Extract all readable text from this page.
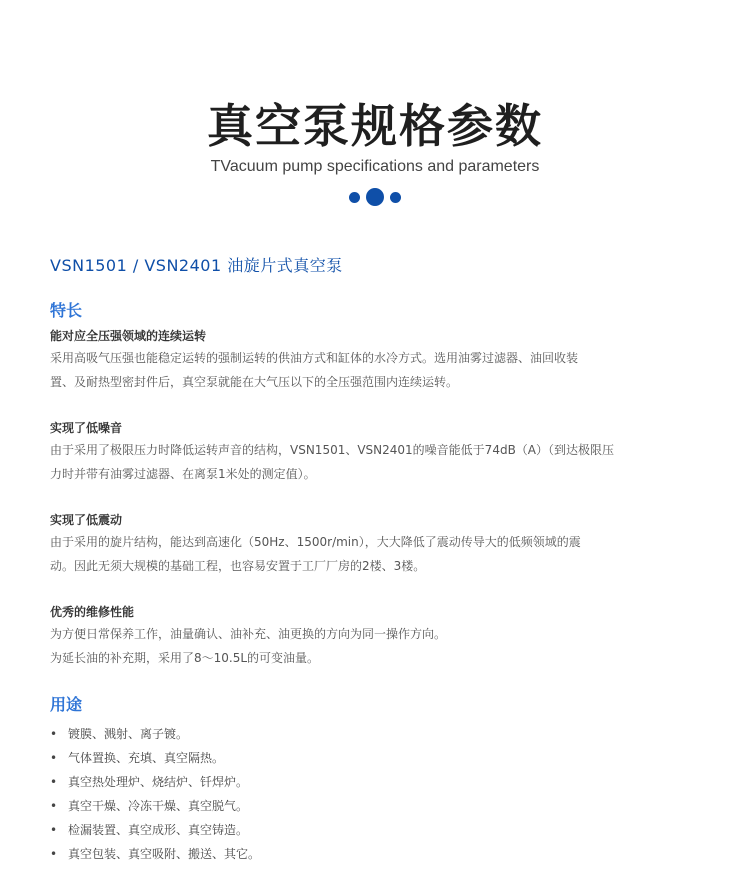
真空泵规格参数
TVacuum pump specifications and parameters
VSN1501 / VSN2401 油旋片式真空泵
特长

能对应全压强领域的连续运转

采用高吸气压强也能稳定运转的强制运转的供油方式和缸体的水冷方式。选用油雾过滤器、油回收装
置、及耐热型密封件后，真空泵就能在大气压以下的全压强范围内连续运转。

实现了低噪音

由于采用了极限压力时降低运转声音的结构，VSN1501、VSN2401的噪音能低于74dB（A）（到达极限压
力时并带有油雾过滤器、在离泵1米处的测定值）。

实现了低震动

由于采用的旋片结构，能达到高速化（50Hz、1500r/min），大大降低了震动传导大的低频领域的震
动。因此无须大规模的基础工程，也容易安置于工厂厂房的2楼、3楼。

优秀的维修性能

为方便日常保养工作，油量确认、油补充、油更换的方向为同一操作方向。
为延长油的补充期，采用了8～10.5L的可变油量。

用途
• 镀膜、溅射、离子镀。
• 气体置换、充填、真空隔热。
• 真空热处理炉、烧结炉、钎焊炉。
• 真空干燥、冷冻干燥、真空脱气。
• 检漏装置、真空成形、真空铸造。
• 真空包装、真空吸附、搬送、其它。
